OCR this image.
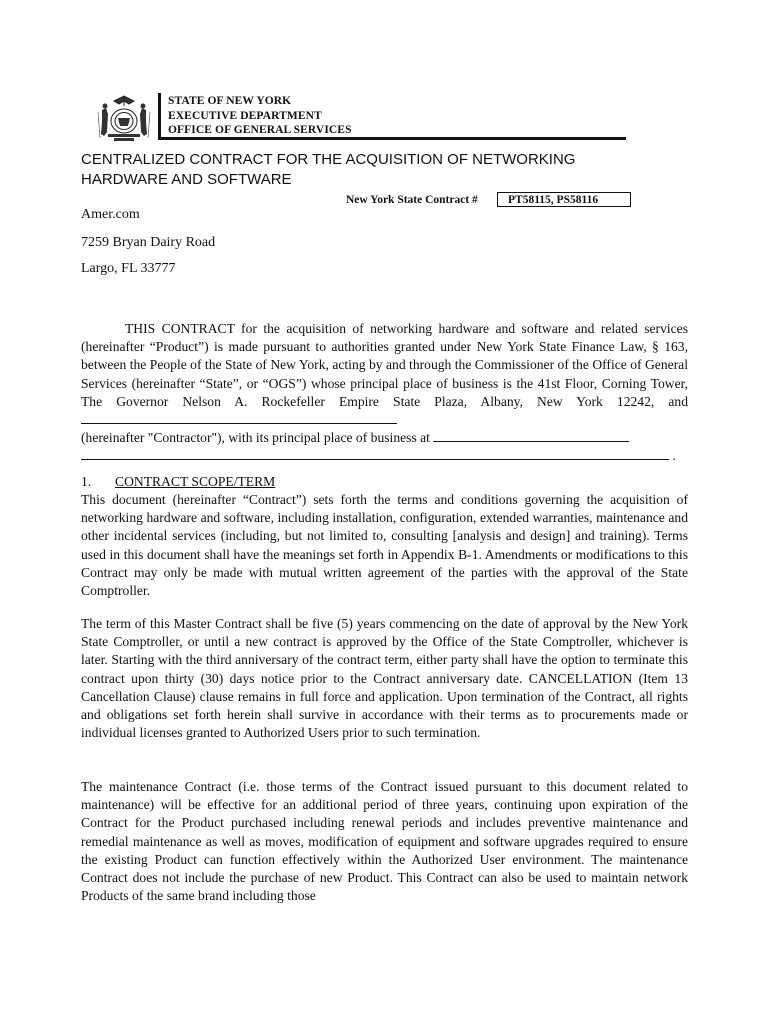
STATE OF NEW YORK
EXECUTIVE DEPARTMENT
OFFICE OF GENERAL SERVICES
CENTRALIZED CONTRACT FOR THE ACQUISITION OF NETWORKING
HARDWARE AND SOFTWARE
New York State Contract #	PT58115, PS58116
Amer.com
7259 Bryan Dairy Road
Largo, FL 33777
THIS CONTRACT for the acquisition of networking hardware and software and related services (hereinafter “Product”) is made pursuant to authorities granted under New York State Finance Law, § 163, between the People of the State of New York, acting by and through the Commissioner of the Office of General Services (hereinafter “State”, or “OGS”) whose principal place of business is the 41st Floor, Corning Tower, The Governor Nelson A. Rockefeller Empire State Plaza, Albany, New York 12242, and
(hereinafter "Contractor"), with its principal place of business at
.
1. CONTRACT SCOPE/TERM
This document (hereinafter “Contract”) sets forth the terms and conditions governing the acquisition of networking hardware and software, including installation, configuration, extended warranties, maintenance and other incidental services (including, but not limited to, consulting [analysis and design] and training). Terms used in this document shall have the meanings set forth in Appendix B-1. Amendments or modifications to this Contract may only be made with mutual written agreement of the parties with the approval of the State Comptroller.
The term of this Master Contract shall be five (5) years commencing on the date of approval by the New York State Comptroller, or until a new contract is approved by the Office of the State Comptroller, whichever is later. Starting with the third anniversary of the contract term, either party shall have the option to terminate this contract upon thirty (30) days notice prior to the Contract anniversary date. CANCELLATION (Item 13 Cancellation Clause) clause remains in full force and application. Upon termination of the Contract, all rights and obligations set forth herein shall survive in accordance with their terms as to procurements made or individual licenses granted to Authorized Users prior to such termination.
The maintenance Contract (i.e. those terms of the Contract issued pursuant to this document related to maintenance) will be effective for an additional period of three years, continuing upon expiration of the Contract for the Product purchased including renewal periods and includes preventive maintenance and remedial maintenance as well as moves, modification of equipment and software upgrades required to ensure the existing Product can function effectively within the Authorized User environment. The maintenance Contract does not include the purchase of new Product. This Contract can also be used to maintain network Products of the same brand including those
